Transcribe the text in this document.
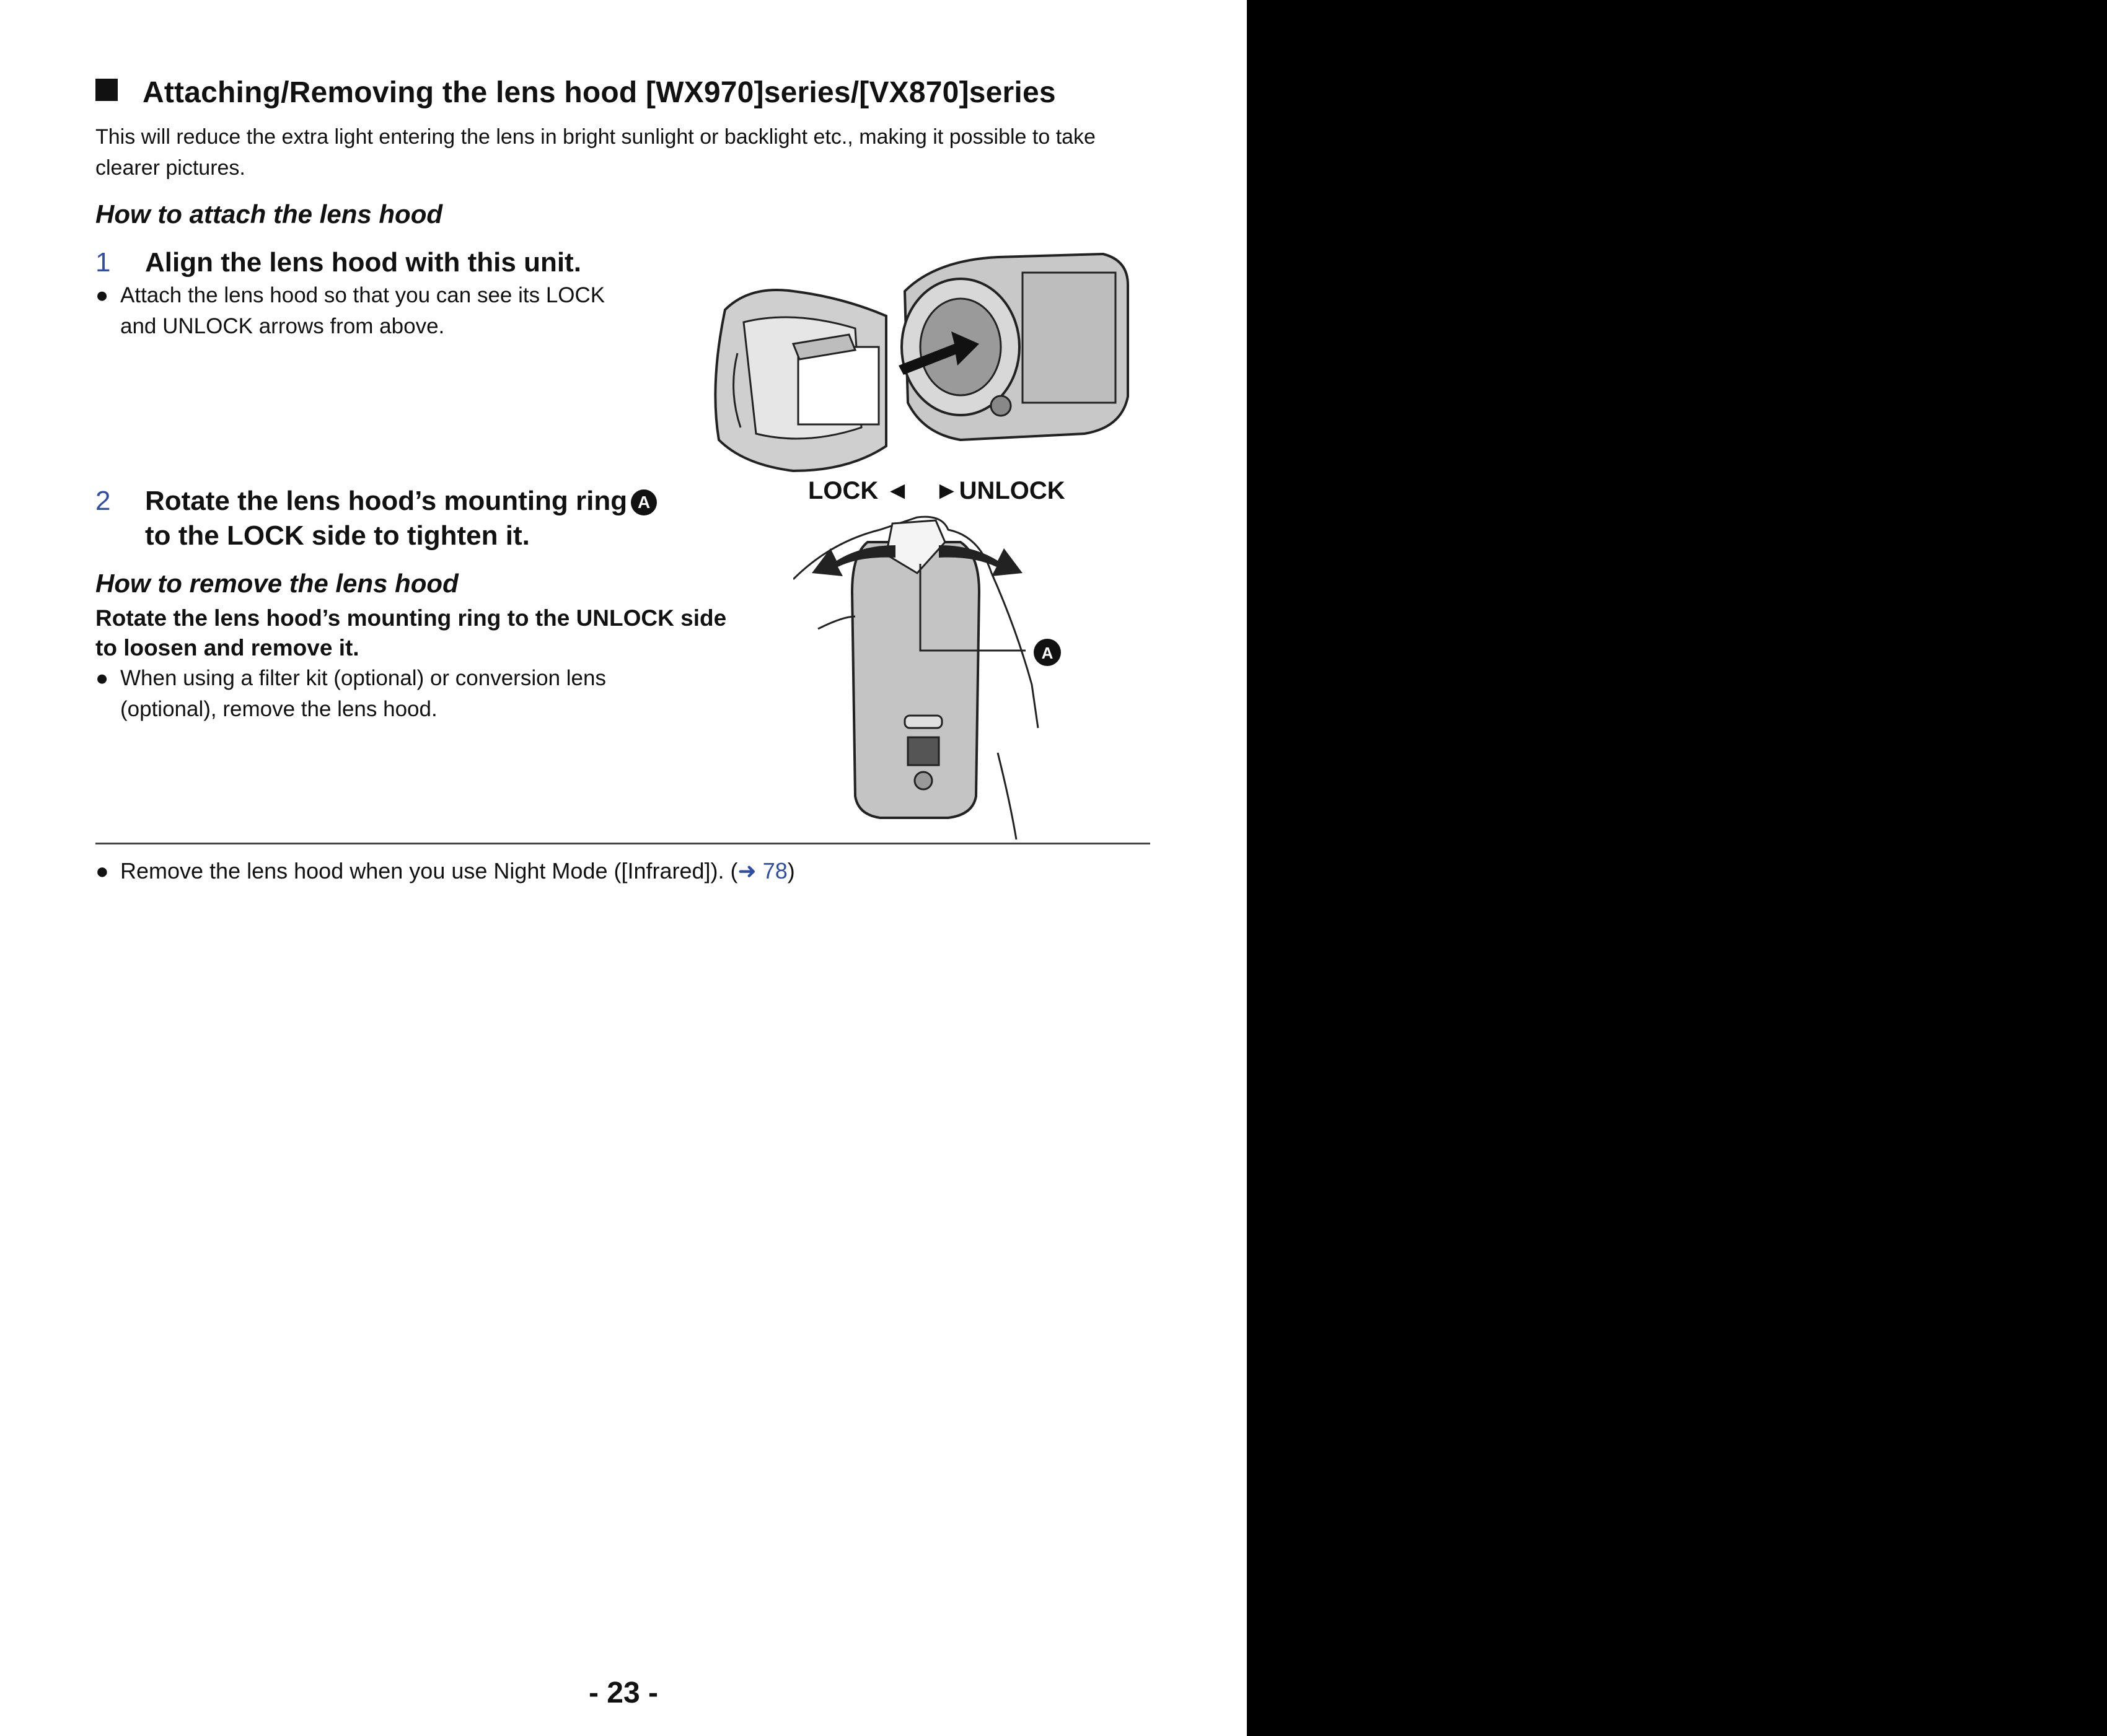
Attaching/Removing the lens hood [WX970]series/[VX870]series
This will reduce the extra light entering the lens in bright sunlight or backlight etc., making it possible to take clearer pictures.
How to attach the lens hood
1 Align the lens hood with this unit.
● Attach the lens hood so that you can see its LOCK
and UNLOCK arrows from above.
2 Rotate the lens hood’s mounting ring A
to the LOCK side to tighten it.
How to remove the lens hood
Rotate the lens hood’s mounting ring to the UNLOCK side
to loosen and remove it.
● When using a filter kit (optional) or conversion lens
(optional), remove the lens hood.
LOCK ◄ ►UNLOCK
A
● Remove the lens hood when you use Night Mode ([Infrared]). (➜ 78)
- 23 -
